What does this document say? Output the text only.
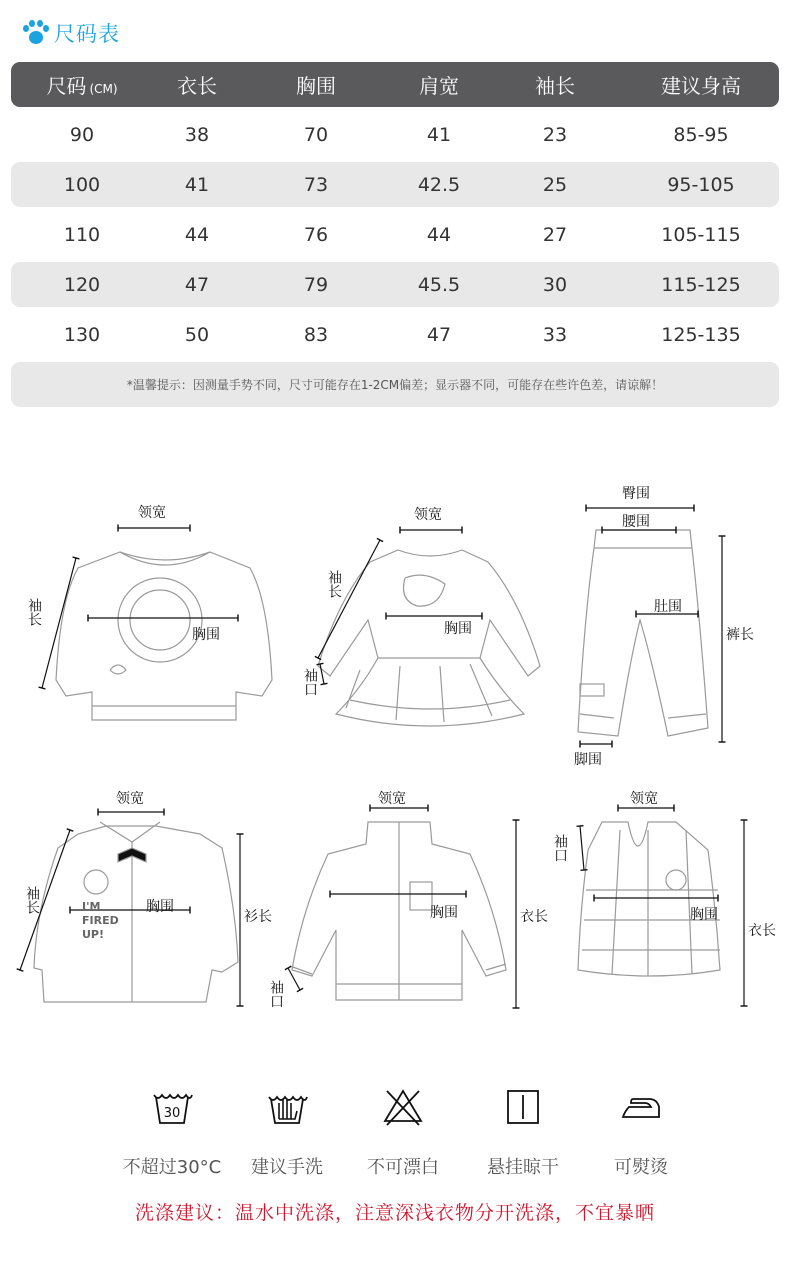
尺码表
尺码 (CM)	衣长	胸围	肩宽	袖长	建议身高
90	38	70	41	23	85-95
100	41	73	42.5	25	95-105
110	44	76	44	27	105-115
120	47	79	45.5	30	115-125
130	50	83	47	33	125-135
*温馨提示：因测量手势不同，尺寸可能存在1-2CM偏差；显示器不同，可能存在些许色差，请谅解！
领宽
胸围
袖长
领宽
胸围
袖长
袖口
臀围
腰围
肚围
裤长
脚围
领宽
胸围
袖长
衫长
I'M FIRED UP!
领宽
胸围	衣长
袖口
领宽
胸围
衣长
袖口
30
不超过30°C	建议手洗	不可漂白	悬挂晾干	可熨烫
洗涤建议：温水中洗涤，注意深浅衣物分开洗涤，不宜暴晒
